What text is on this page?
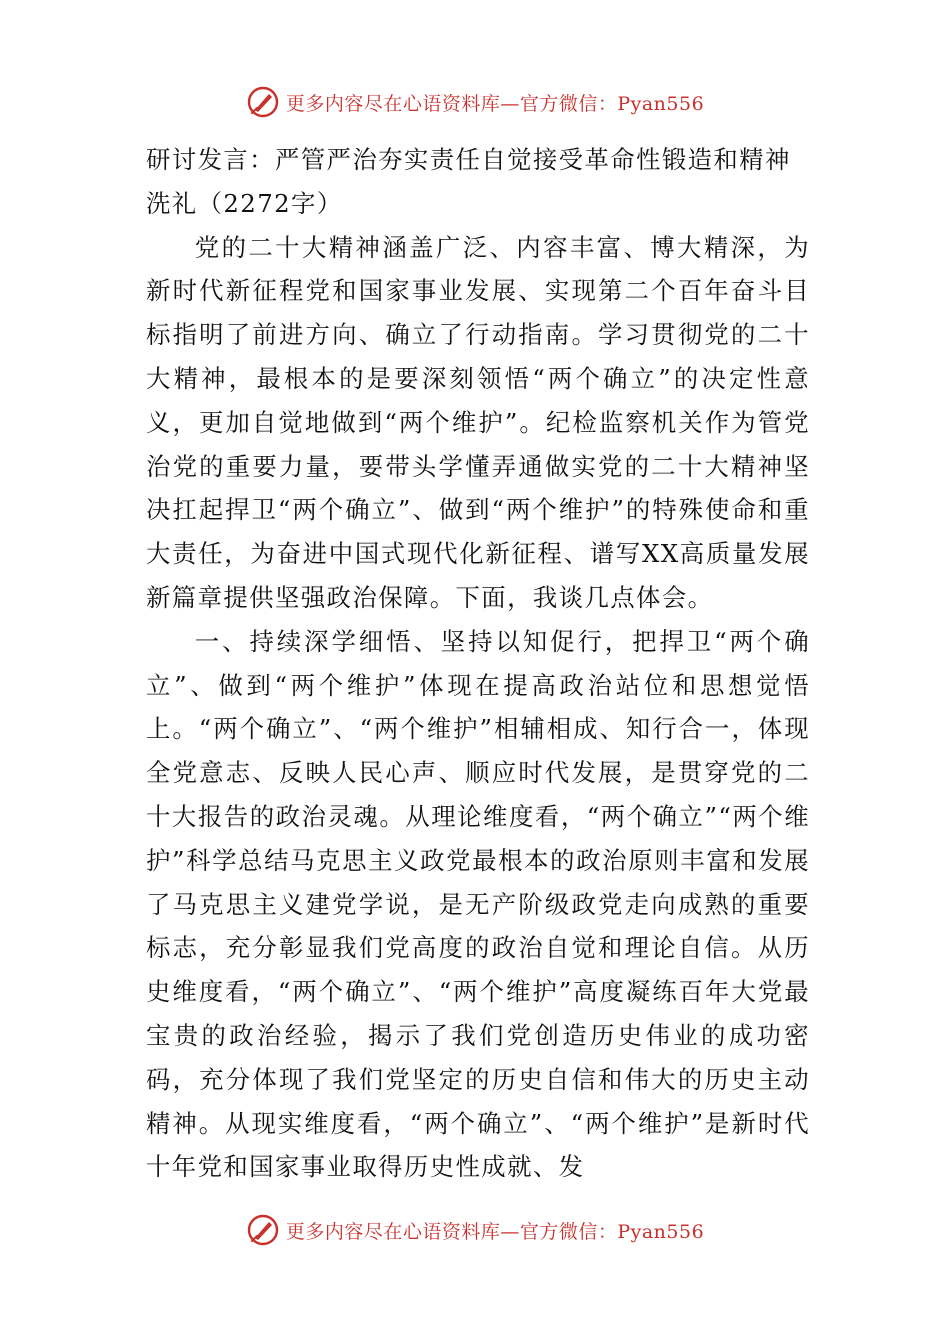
更多内容尽在心语资料库—官方微信：Pyan556
研讨发言：严管严治夯实责任自觉接受革命性锻造和精神洗礼（2272字）

党的二十大精神涵盖广泛、内容丰富、博大精深，为新时代新征程党和国家事业发展、实现第二个百年奋斗目标指明了前进方向、确立了行动指南。学习贯彻党的二十大精神，最根本的是要深刻领悟“两个确立”的决定性意义，更加自觉地做到“两个维护”。纪检监察机关作为管党治党的重要力量，要带头学懂弄通做实党的二十大精神坚决扛起捍卫“两个确立”、做到“两个维护”的特殊使命和重大责任，为奋进中国式现代化新征程、谱写XX高质量发展新篇章提供坚强政治保障。下面，我谈几点体会。

一、持续深学细悟、坚持以知促行，把捍卫“两个确立”、做到“两个维护”体现在提高政治站位和思想觉悟上。“两个确立”、“两个维护”相辅相成、知行合一，体现全党意志、反映人民心声、顺应时代发展，是贯穿党的二十大报告的政治灵魂。从理论维度看，“两个确立”“两个维护”科学总结马克思主义政党最根本的政治原则丰富和发展了马克思主义建党学说，是无产阶级政党走向成熟的重要标志，充分彰显我们党高度的政治自觉和理论自信。从历史维度看，“两个确立”、“两个维护”高度凝练百年大党最宝贵的政治经验，揭示了我们党创造历史伟业的成功密码，充分体现了我们党坚定的历史自信和伟大的历史主动精神。从现实维度看，“两个确立”、“两个维护”是新时代十年党和国家事业取得历史性成就、发

更多内容尽在心语资料库—官方微信：Pyan556
